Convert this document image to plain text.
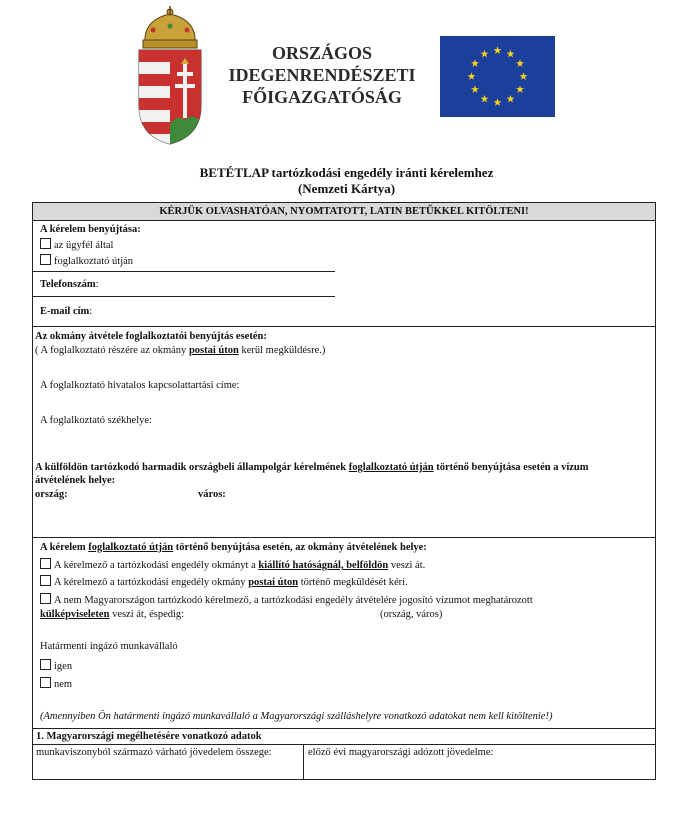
ORSZÁGOS
IDEGENRENDÉSZETI
FŐIGAZGATÓSÁG
BETÉTLAP tartózkodási engedély iránti kérelemhez
(Nemzeti Kártya)
KÉRJÜK OLVASHATÓAN, NYOMTATOTT, LATIN BETŰKKEL KITÖLTENI!
A kérelem benyújtása:
az ügyfél által
foglalkoztató útján
Telefonszám:
E-mail cím:
Az okmány átvétele foglalkoztatói benyújtás esetén:
( A foglalkoztató részére az okmány postai úton kerül megküldésre.)
A foglalkoztató hivatalos kapcsolattartási címe:
A foglalkoztató székhelye:
A külföldön tartózkodó harmadik országbeli állampolgár kérelmének foglalkoztató útján történő benyújtása esetén a vízum
átvételének helye:
ország:	város:
A kérelem foglalkoztató útján történő benyújtása esetén, az okmány átvételének helye:
A kérelmező a tartózkodási engedély okmányt a kiállító hatóságnál, belföldön veszi át.
A kérelmező a tartózkodási engedély okmány postai úton történő megküldését kéri.
A nem Magyarországon tartózkodó kérelmező, a tartózkodási engedély átvételére jogosító vízumot meghatározott
külképviseleten veszi át, éspedig:	(ország, város)
Határmenti ingázó munkavállaló
igen
nem
(Amennyiben Ön határmenti ingázó munkavállaló a Magyarországi szálláshelyre vonatkozó adatokat nem kell kitöltenie!)
1. Magyarországi megélhetésére vonatkozó adatok
munkaviszonyból származó várható jövedelem összege:	előző évi magyarországi adózott jövedelme:
